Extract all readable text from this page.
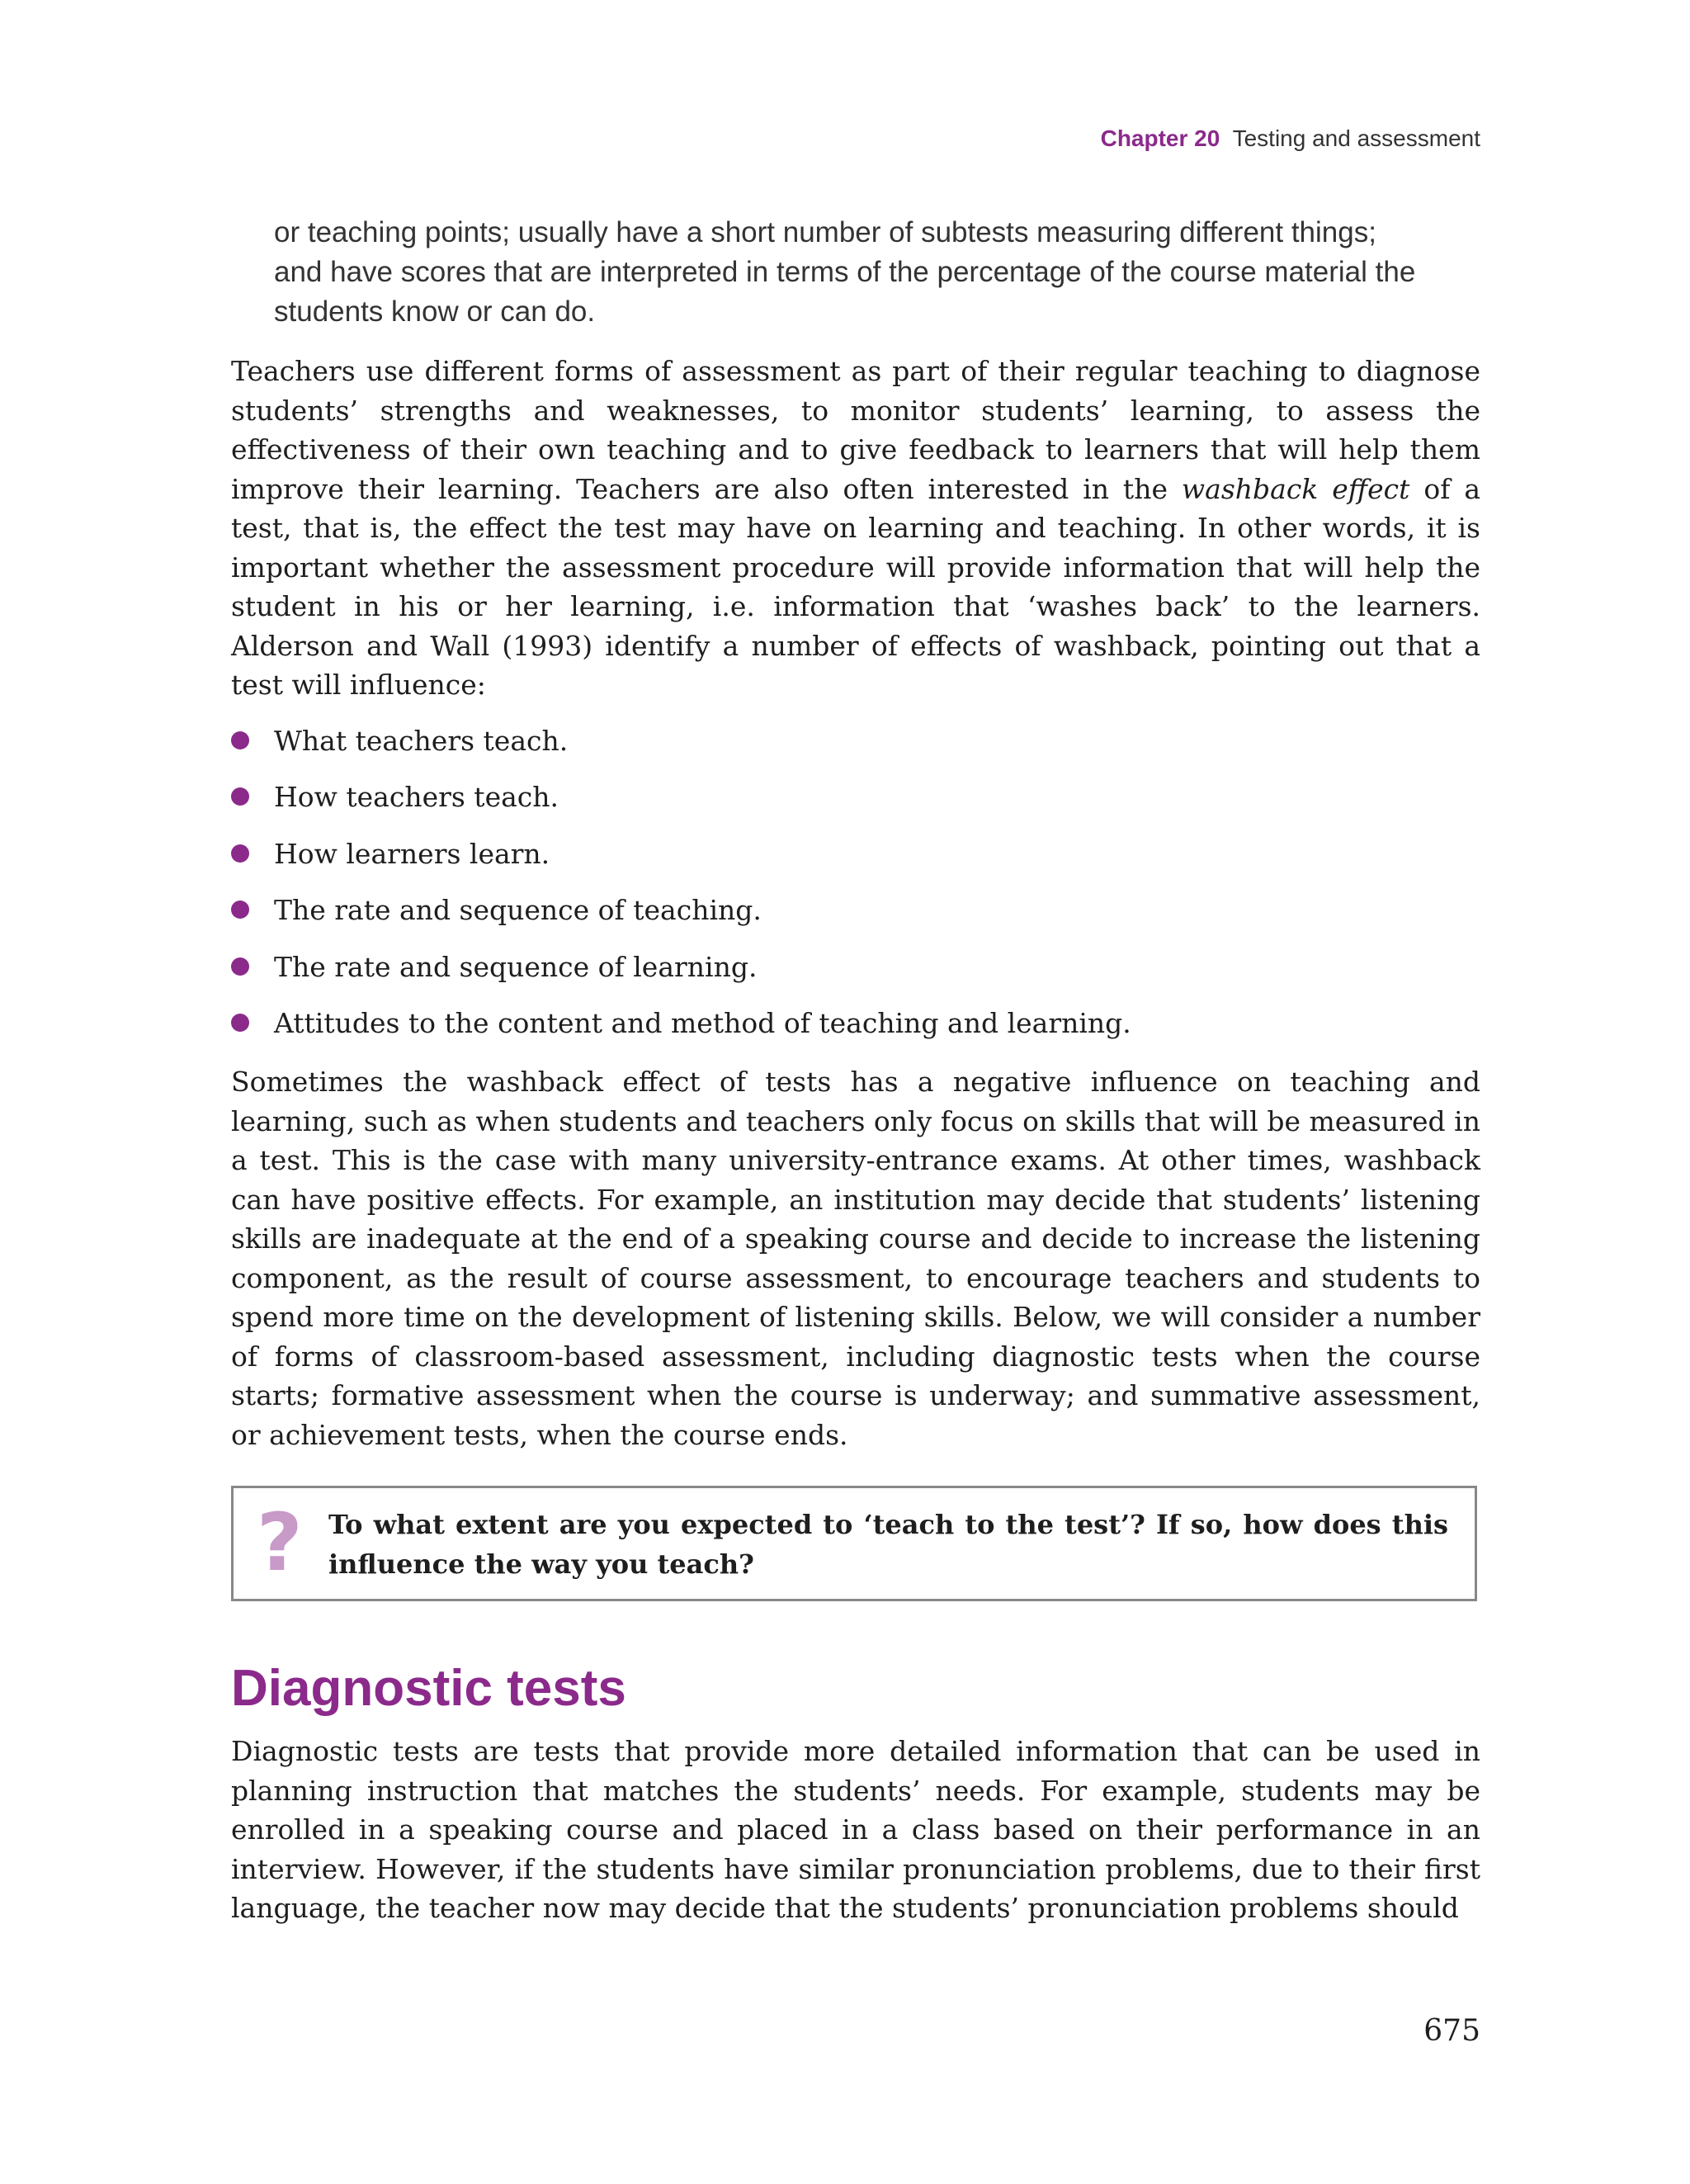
Chapter 20 Testing and assessment
or teaching points; usually have a short number of subtests measuring different things; and have scores that are interpreted in terms of the percentage of the course material the students know or can do.
Teachers use different forms of assessment as part of their regular teaching to diagnose students’ strengths and weaknesses, to monitor students’ learning, to assess the effectiveness of their own teaching and to give feedback to learners that will help them improve their learning. Teachers are also often interested in the washback effect of a test, that is, the effect the test may have on learning and teaching. In other words, it is important whether the assessment procedure will provide information that will help the student in his or her learning, i.e. information that ‘washes back’ to the learners. Alderson and Wall (1993) identify a number of effects of washback, pointing out that a test will influence:
What teachers teach.
How teachers teach.
How learners learn.
The rate and sequence of teaching.
The rate and sequence of learning.
Attitudes to the content and method of teaching and learning.
Sometimes the washback effect of tests has a negative influence on teaching and learning, such as when students and teachers only focus on skills that will be measured in a test. This is the case with many university-entrance exams. At other times, washback can have positive effects. For example, an institution may decide that students’ listening skills are inadequate at the end of a speaking course and decide to increase the listening component, as the result of course assessment, to encourage teachers and students to spend more time on the development of listening skills. Below, we will consider a number of forms of classroom-based assessment, including diagnostic tests when the course starts; formative assessment when the course is underway; and summative assessment, or achievement tests, when the course ends.
? To what extent are you expected to ‘teach to the test’? If so, how does this influence the way you teach?
Diagnostic tests
Diagnostic tests are tests that provide more detailed information that can be used in planning instruction that matches the students’ needs. For example, students may be enrolled in a speaking course and placed in a class based on their performance in an interview. However, if the students have similar pronunciation problems, due to their first language, the teacher now may decide that the students’ pronunciation problems should
675
